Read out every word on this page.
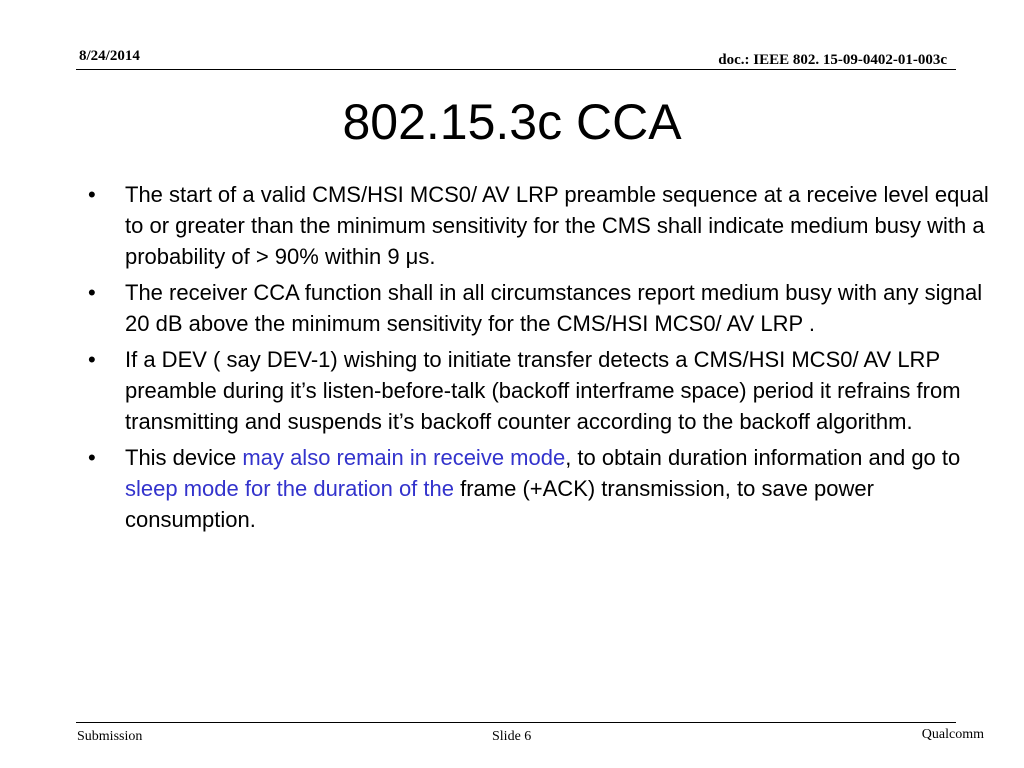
8/24/2014	doc.: IEEE 802. 15-09-0402-01-003c
802.15.3c CCA
• The start of a valid CMS/HSI MCS0/ AV LRP preamble sequence at a receive level equal to or greater than the minimum sensitivity for the CMS shall indicate medium busy with a probability of > 90% within 9 μs.
• The receiver CCA function shall in all circumstances report medium busy with any signal 20 dB above the minimum sensitivity for the CMS/HSI MCS0/ AV LRP .
• If a DEV ( say DEV-1) wishing to initiate transfer detects a CMS/HSI MCS0/ AV LRP preamble during it’s listen-before-talk (backoff interframe space) period it refrains from transmitting and suspends it’s backoff counter according to the backoff algorithm.
• This device may also remain in receive mode, to obtain duration information and go to sleep mode for the duration of the frame (+ACK) transmission, to save power consumption.
Submission	Slide 6	Qualcomm
